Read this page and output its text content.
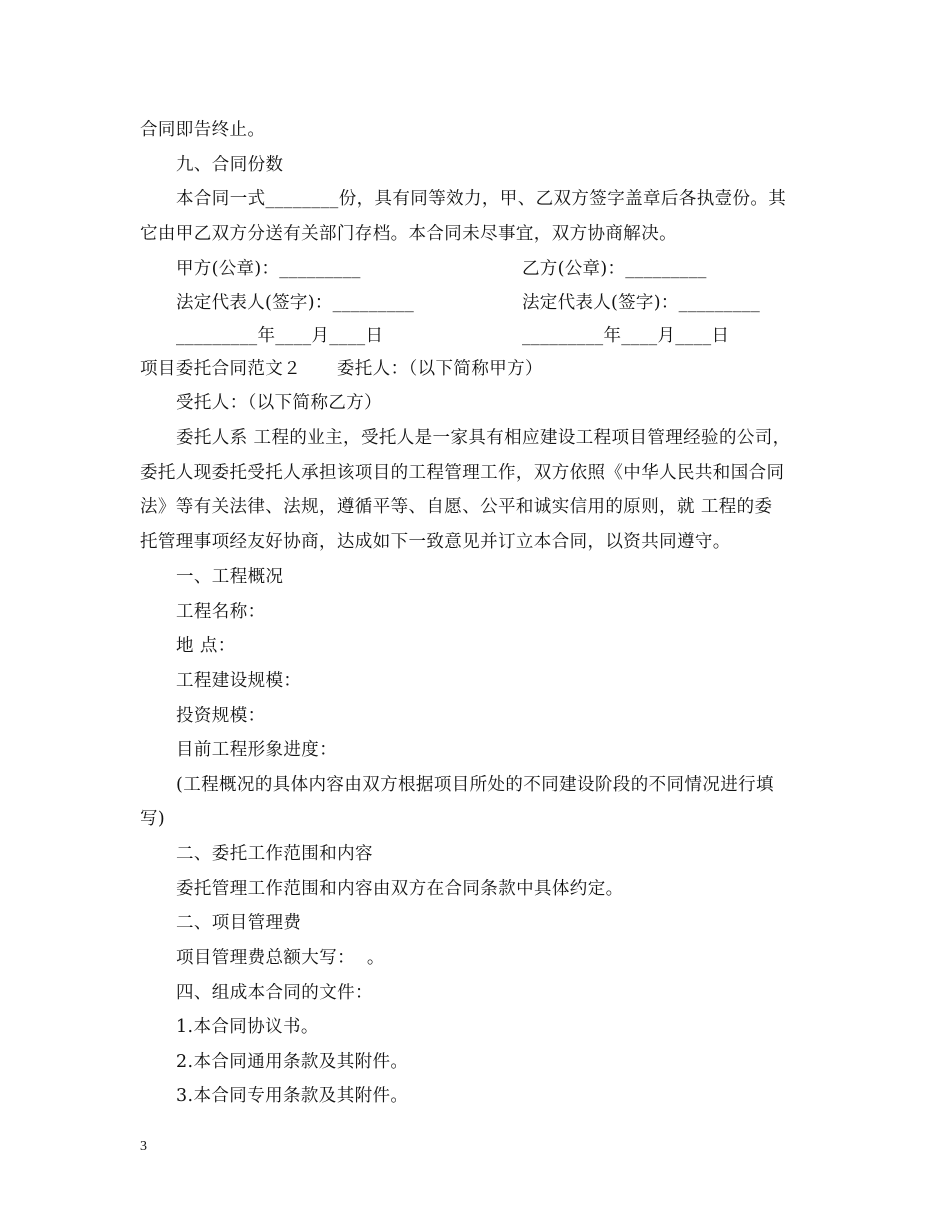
合同即告终止。
九、合同份数
本合同一式________份，具有同等效力，甲、乙双方签字盖章后各执壹份。其
它由甲乙双方分送有关部门存档。本合同未尽事宜，双方协商解决。
甲方(公章)：_________	乙方(公章)：_________
法定代表人(签字)：_________	法定代表人(签字)：_________
_________年____月____日	_________年____月____日
项目委托合同范文２      委托人：（以下简称甲方）
受托人：（以下简称乙方）
委托人系 工程的业主，受托人是一家具有相应建设工程项目管理经验的公司，
委托人现委托受托人承担该项目的工程管理工作，双方依照《中华人民共和国合同
法》等有关法律、法规，遵循平等、自愿、公平和诚实信用的原则，就 工程的委
托管理事项经友好协商，达成如下一致意见并订立本合同，以资共同遵守。
一、工程概况
工程名称：
地 点：
工程建设规模：
投资规模：
目前工程形象进度：
(工程概况的具体内容由双方根据项目所处的不同建设阶段的不同情况进行填
写)
二、委托工作范围和内容
委托管理工作范围和内容由双方在合同条款中具体约定。
二、项目管理费
项目管理费总额大写：  。
四、组成本合同的文件：
1.本合同协议书。
2.本合同通用条款及其附件。
3.本合同专用条款及其附件。
3
